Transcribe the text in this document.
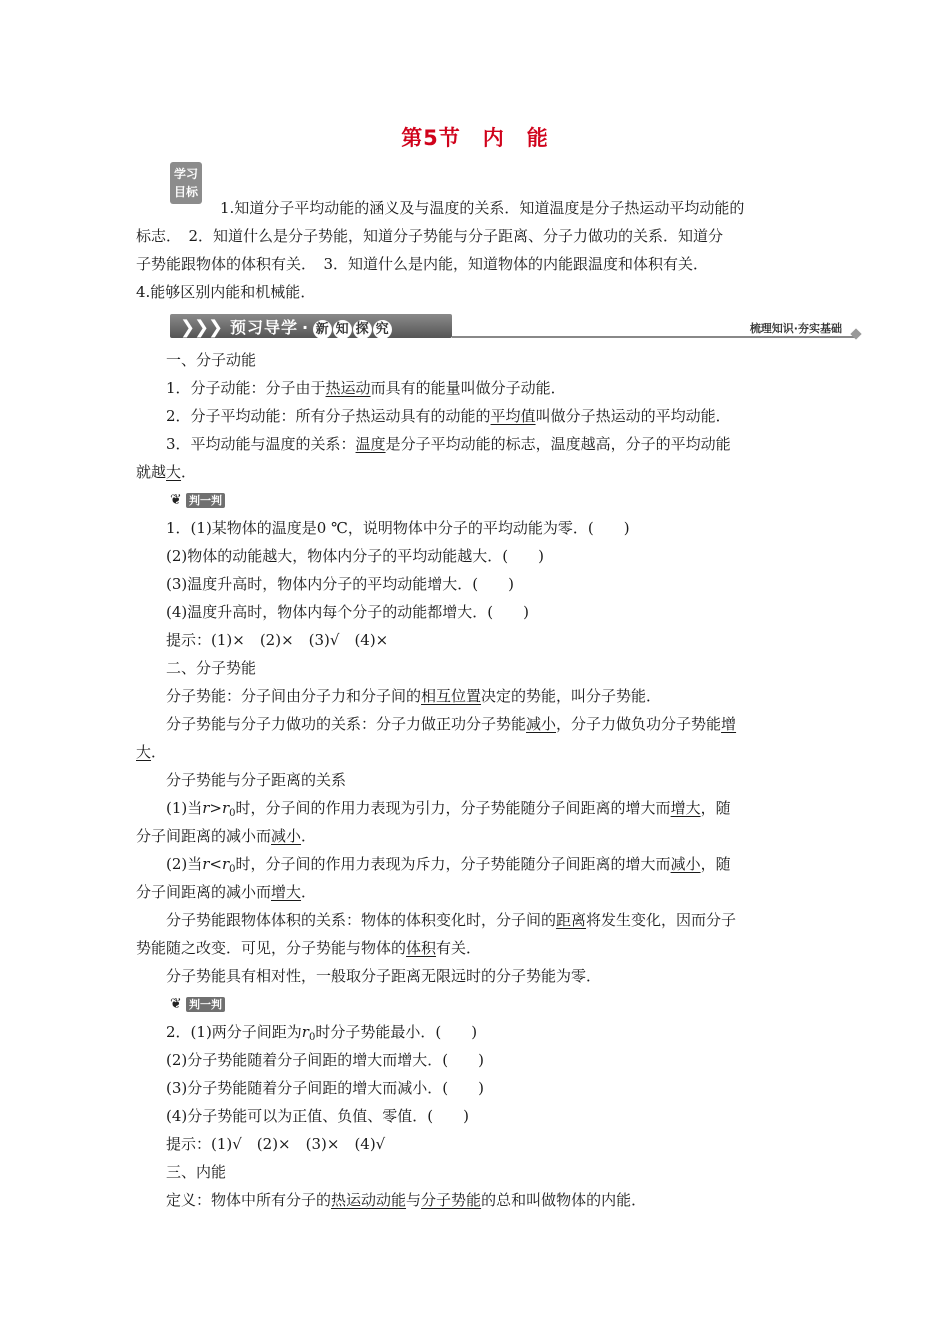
第5节　内　能
学习
目标
1.知道分子平均动能的涵义及与温度的关系．知道温度是分子热运动平均动能的
标志．　2．知道什么是分子势能，知道分子势能与分子距离、分子力做功的关系．知道分
子势能跟物体的体积有关．　3．知道什么是内能，知道物体的内能跟温度和体积有关．
4.能够区别内能和机械能．
❯
❯
❯ 预习导学 · 新 知 探 究	梳理知识·夯实基础
一、分子动能
1．分子动能：分子由于热运动而具有的能量叫做分子动能．
2．分子平均动能：所有分子热运动具有的动能的平均值叫做分子热运动的平均动能．
3．平均动能与温度的关系：温度是分子平均动能的标志，温度越高，分子的平均动能
就越大．
❦ 判一判
1．(1)某物体的温度是0 ℃，说明物体中分子的平均动能为零．(　　)
(2)物体的动能越大，物体内分子的平均动能越大．(　　)
(3)温度升高时，物体内分子的平均动能增大．(　　)
(4)温度升高时，物体内每个分子的动能都增大．(　　)
提示：(1)×　(2)×　(3)√　(4)×
二、分子势能
分子势能：分子间由分子力和分子间的相互位置决定的势能，叫分子势能．
分子势能与分子力做功的关系：分子力做正功分子势能减小，分子力做负功分子势能增
大．
分子势能与分子距离的关系
(1)当$r>r_0$时，分子间的作用力表现为引力，分子势能随分子间距离的增大而增大，随
分子间距离的减小而减小．
(2)当$r<r_0$时，分子间的作用力表现为斥力，分子势能随分子间距离的增大而减小，随
分子间距离的减小而增大．
分子势能跟物体体积的关系：物体的体积变化时，分子间的距离将发生变化，因而分子
势能随之改变．可见，分子势能与物体的体积有关．
分子势能具有相对性，一般取分子距离无限远时的分子势能为零．
❦ 判一判
2．(1)两分子间距为$r_0$时分子势能最小．(　　)
(2)分子势能随着分子间距的增大而增大．(　　)
(3)分子势能随着分子间距的增大而减小．(　　)
(4)分子势能可以为正值、负值、零值．(　　)
提示：(1)√　(2)×　(3)×　(4)√
三、内能
定义：物体中所有分子的热运动动能与分子势能的总和叫做物体的内能．
